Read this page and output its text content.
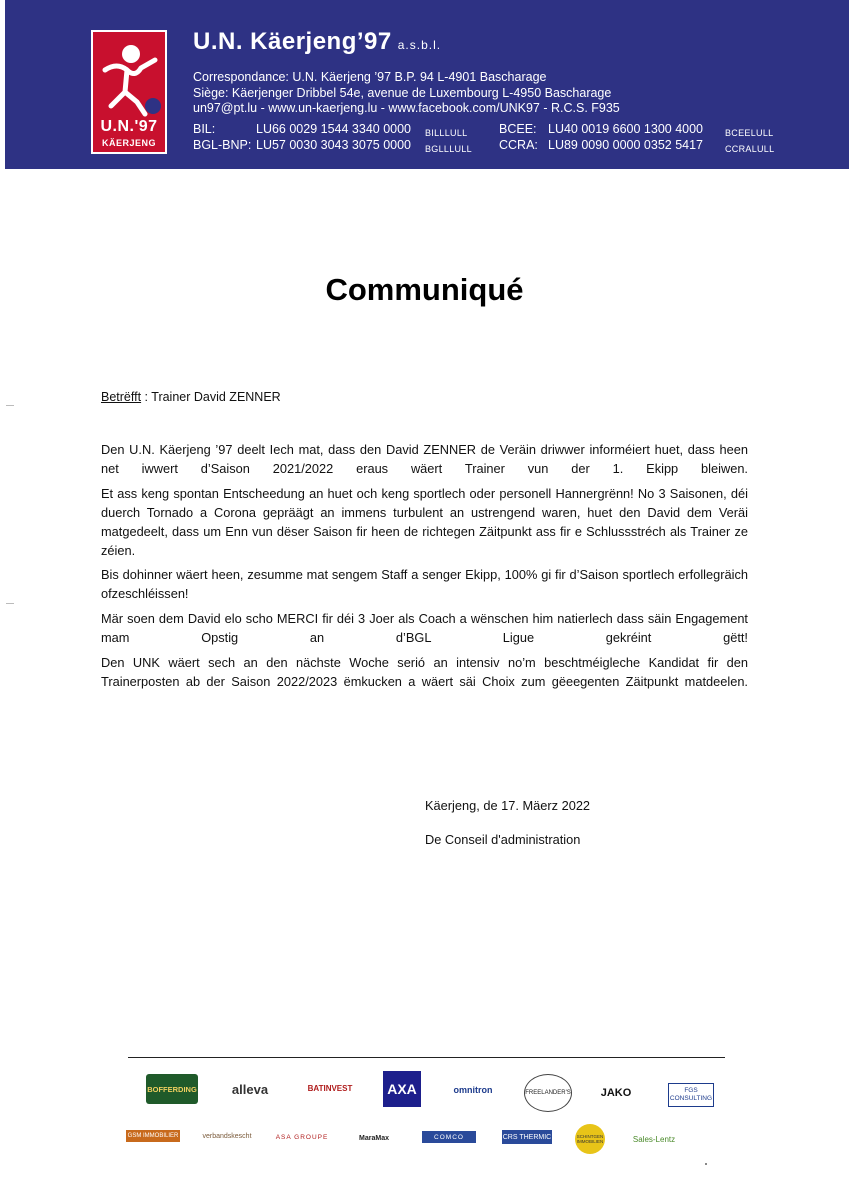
U.N.'97
KÄERJENG
U.N. Käerjeng’97 a.s.b.l.
Correspondance: U.N. Käerjeng ’97 B.P. 94 L-4901 Bascharage
Siège: Käerjenger Dribbel 54e, avenue de Luxembourg L-4950 Bascharage
un97@pt.lu - www.un-kaerjeng.lu - www.facebook.com/UNK97 - R.C.S. F935
BIL:	LU66 0029 1544 3340 0000 BILLLULL
BGL-BNP: LU57 0030 3043 3075 0000 BGLLLULL
BCEE: LU40 0019 6600 1300 4000 BCEELULL
CCRA: LU89 0090 0000 0352 5417 CCRALULL
Communiqué
Betrëfft : Trainer David ZENNER

Den U.N. Käerjeng ’97 deelt Iech mat, dass den David ZENNER de Veräin driwwer informéiert huet, dass heen net iwwert d’Saison 2021/2022 eraus wäert Trainer vun der 1. Ekipp bleiwen.

Et ass keng spontan Entscheedung an huet och keng sportlech oder personell Hannergrënn! No 3 Saisonen, déi duerch Tornado a Corona gepräägt an immens turbulent an ustrengend waren, huet den David dem Veräi matgedeelt, dass um Enn vun dëser Saison fir heen de richtegen Zäitpunkt ass fir e Schlussstréch als Trainer ze zéien.

Bis dohinner wäert heen, zesumme mat sengem Staff a senger Ekipp, 100% gi fir d’Saison sportlech erfollegräich ofzeschléissen!

Mär soen dem David elo scho MERCI fir déi 3 Joer als Coach a wënschen him natierlech dass säin Engagement mam Opstig an d’BGL Ligue gekréint gëtt!

Den UNK wäert sech an den nächste Woche serió an intensiv no’m beschtméiglechе Kandidat fir den Trainerposten ab der Saison 2022/2023 ëmkucken a wäert säi Choix zum gëeegenten Zäitpunkt matdeelen.

Käerjeng, de 17. Mäerz 2022
De Conseil d'administration
BOFFERDING	alleva	BATINVEST AXA	omnitron	FREELANDER'S	JAKO	FGS CONSULTING
GSM IMMOBILIER	verbandskescht	ASA GROUPE	MaraMax	COMCO	CRS THERMIC	SCHINTGEN IMMOBILIEN	Sales-Lentz
